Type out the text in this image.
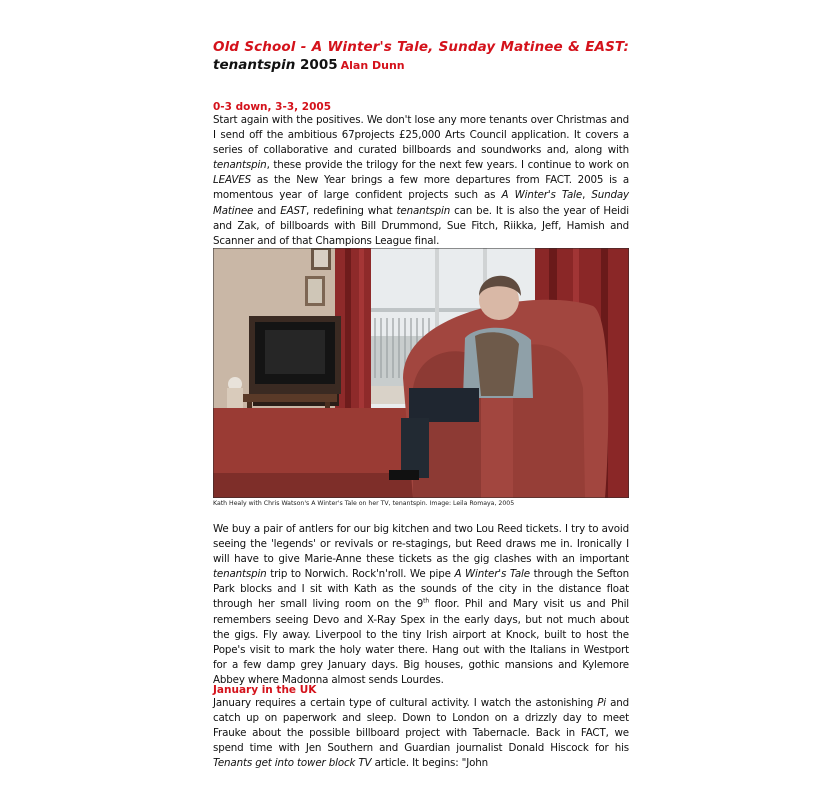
Old School - A Winter's Tale, Sunday Matinee & EAST:
tenantspin 2005 Alan Dunn
0-3 down, 3-3, 2005

Start again with the positives. We don't lose any more tenants over Christmas and I send off the ambitious 67projects £25,000 Arts Council application. It covers a series of collaborative and curated billboards and soundworks and, along with tenantspin, these provide the trilogy for the next few years. I continue to work on LEAVES as the New Year brings a few more departures from FACT. 2005 is a momentous year of large confident projects such as A Winter's Tale, Sunday Matinee and EAST, redefining what tenantspin can be. It is also the year of Heidi and Zak, of billboards with Bill Drummond, Sue Fitch, Riikka, Jeff, Hamish and Scanner and of that Champions League final.

Kath Healy with Chris Watson's A Winter's Tale on her TV, tenantspin. Image: Leila Romaya, 2005

We buy a pair of antlers for our big kitchen and two Lou Reed tickets. I try to avoid seeing the 'legends' or revivals or re-stagings, but Reed draws me in. Ironically I will have to give Marie-Anne these tickets as the gig clashes with an important tenantspin trip to Norwich. Rock'n'roll. We pipe A Winter's Tale through the Sefton Park blocks and I sit with Kath as the sounds of the city in the distance float through her small living room on the 9th floor. Phil and Mary visit us and Phil remembers seeing Devo and X-Ray Spex in the early days, but not much about the gigs. Fly away. Liverpool to the tiny Irish airport at Knock, built to host the Pope's visit to mark the holy water there. Hang out with the Italians in Westport for a few damp grey January days. Big houses, gothic mansions and Kylemore Abbey where Madonna almost sends Lourdes.

January in the UK

January requires a certain type of cultural activity. I watch the astonishing Pi and catch up on paperwork and sleep. Down to London on a drizzly day to meet Frauke about the possible billboard project with Tabernacle. Back in FACT, we spend time with Jen Southern and Guardian journalist Donald Hiscock for his Tenants get into tower block TV article. It begins: "John
